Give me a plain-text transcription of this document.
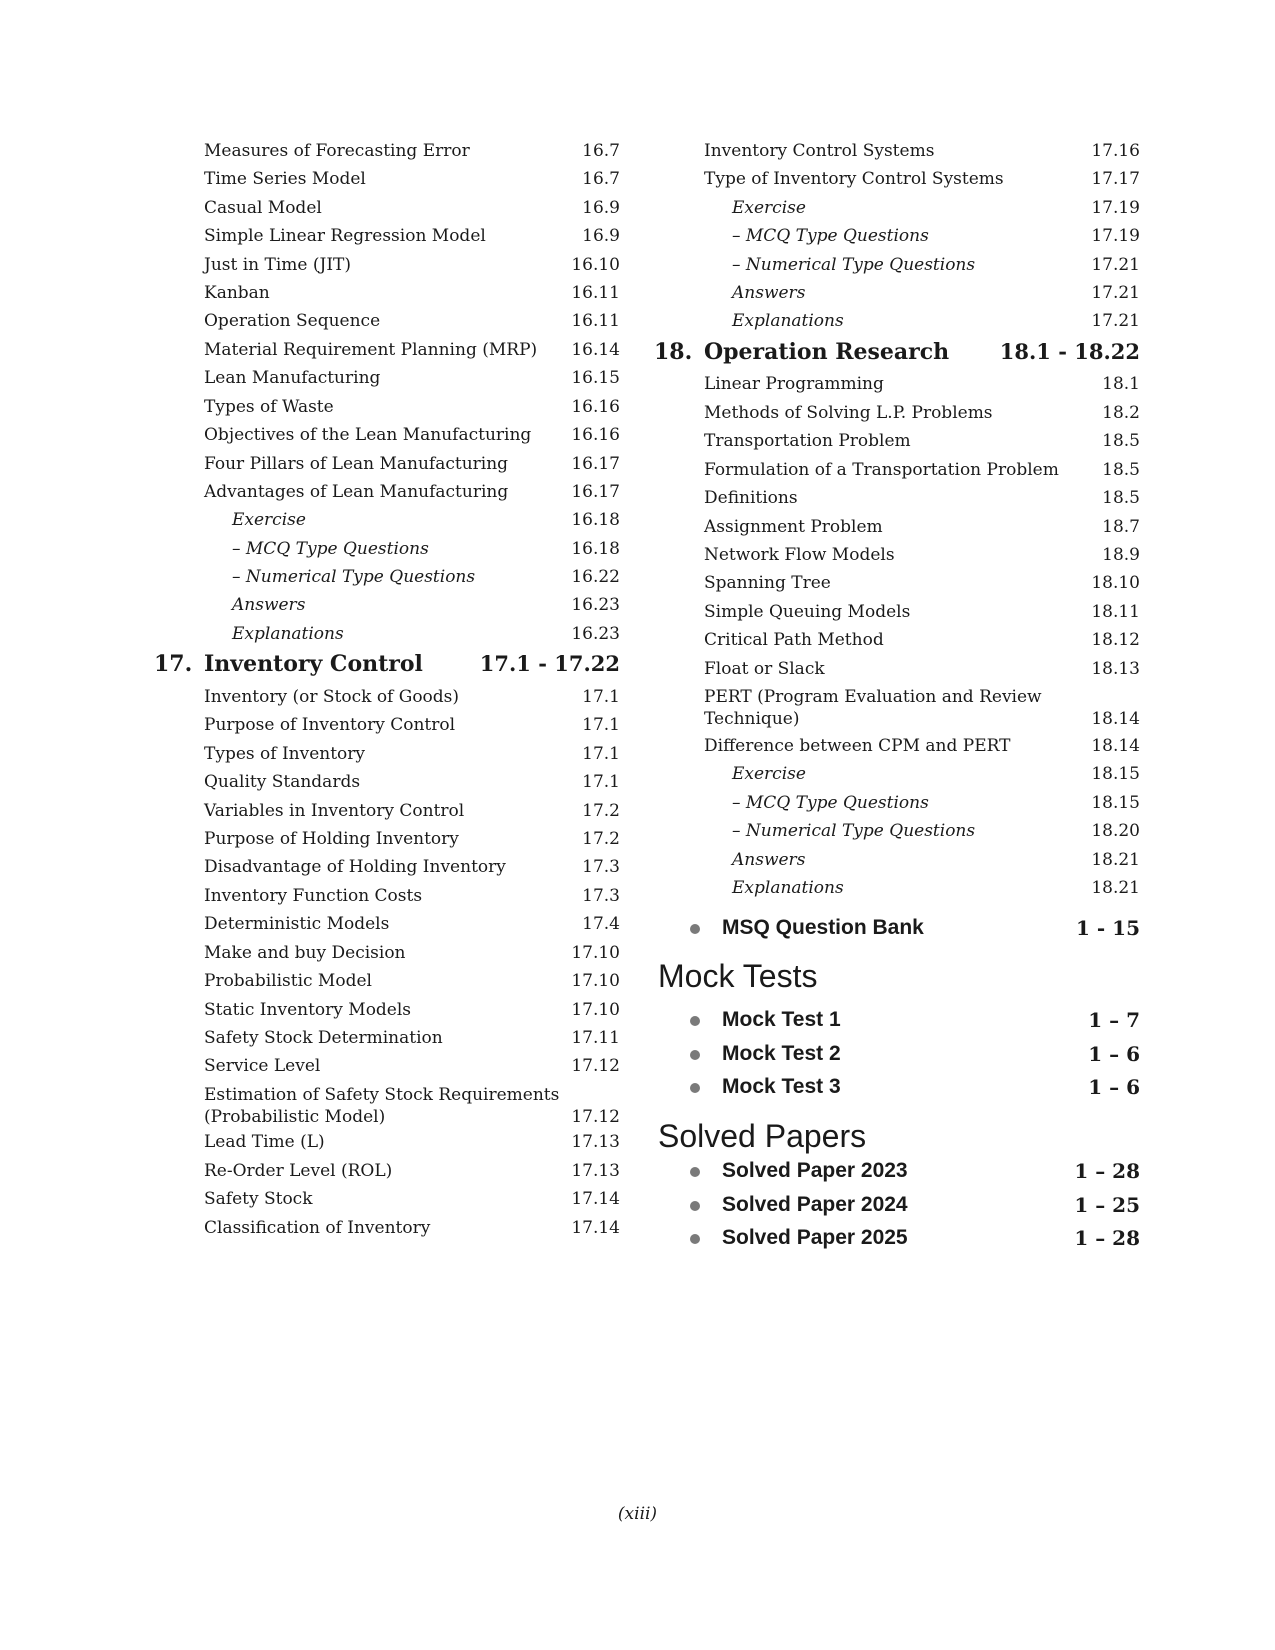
Measures of Forecasting Error	16.7
Time Series Model	16.7
Casual Model	16.9
Simple Linear Regression Model	16.9
Just in Time (JIT)	16.10
Kanban	16.11
Operation Sequence	16.11
Material Requirement Planning (MRP) 16.14
Lean Manufacturing	16.15
Types of Waste	16.16
Objectives of the Lean Manufacturing 16.16
Four Pillars of Lean Manufacturing	16.17
Advantages of Lean Manufacturing	16.17
Exercise	16.18
– MCQ Type Questions	16.18
– Numerical Type Questions	16.22
Answers	16.23
Explanations	16.23
17. Inventory Control	17.1 - 17.22
Inventory (or Stock of Goods)	17.1
Purpose of Inventory Control	17.1
Types of Inventory	17.1
Quality Standards	17.1
Variables in Inventory Control	17.2
Purpose of Holding Inventory	17.2
Disadvantage of Holding Inventory	17.3
Inventory Function Costs	17.3
Deterministic Models	17.4
Make and buy Decision	17.10
Probabilistic Model	17.10
Static Inventory Models	17.10
Safety Stock Determination	17.11
Service Level	17.12
Estimation of Safety Stock Requirements (Probabilistic Model)	17.12
Lead Time (L)	17.13
Re-Order Level (ROL)	17.13
Safety Stock	17.14
Classification of Inventory	17.14
Inventory Control Systems	17.16
Type of Inventory Control Systems	17.17
Exercise	17.19
– MCQ Type Questions	17.19
– Numerical Type Questions	17.21
Answers	17.21
Explanations	17.21
18. Operation Research 18.1 - 18.22
Linear Programming	18.1
Methods of Solving L.P. Problems	18.2
Transportation Problem	18.5
Formulation of a Transportation Problem	18.5
Definitions	18.5
Assignment Problem	18.7
Network Flow Models	18.9
Spanning Tree	18.10
Simple Queuing Models	18.11
Critical Path Method	18.12
Float or Slack	18.13
PERT (Program Evaluation and Review Technique)	18.14
Difference between CPM and PERT	18.14
Exercise	18.15
– MCQ Type Questions	18.15
– Numerical Type Questions	18.20
Answers	18.21
Explanations	18.21
MSQ Question Bank	1 - 15
Mock Tests
Mock Test 1	1 – 7
Mock Test 2	1 – 6
Mock Test 3	1 – 6
Solved Papers
Solved Paper 2023	1 – 28
Solved Paper 2024	1 – 25
Solved Paper 2025	1 – 28
(xiii)
